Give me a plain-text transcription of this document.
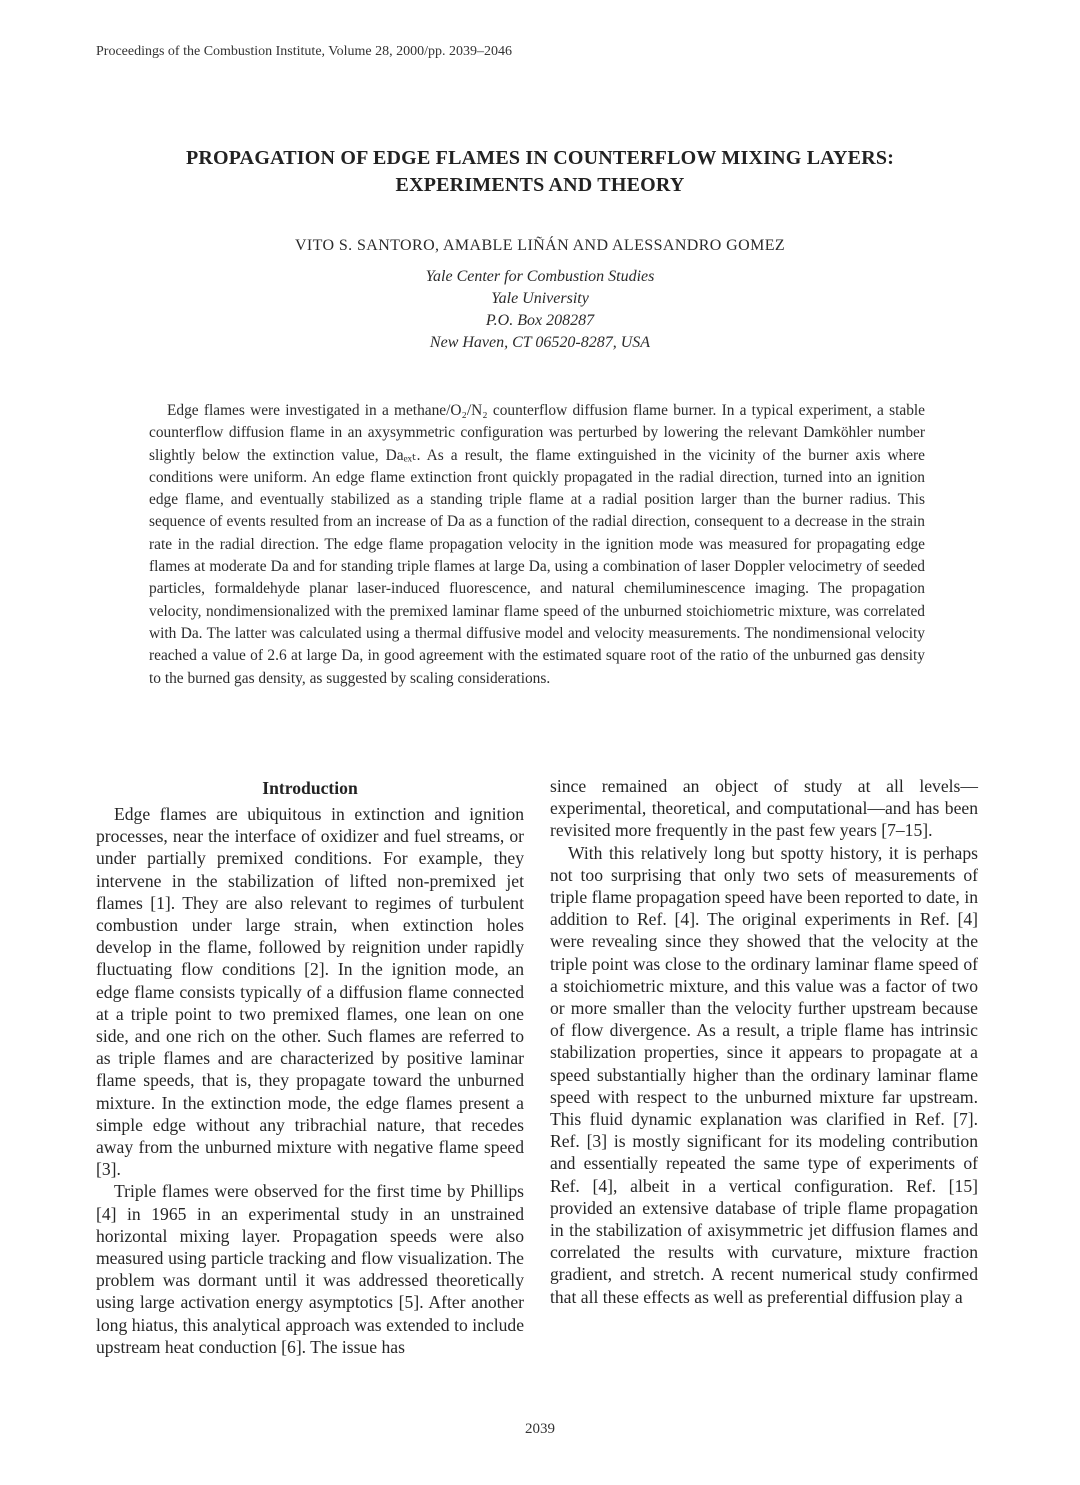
Proceedings of the Combustion Institute, Volume 28, 2000/pp. 2039–2046
PROPAGATION OF EDGE FLAMES IN COUNTERFLOW MIXING LAYERS:
EXPERIMENTS AND THEORY
VITO S. SANTORO, AMABLE LIÑÁN AND ALESSANDRO GOMEZ
Yale Center for Combustion Studies
Yale University
P.O. Box 208287
New Haven, CT 06520-8287, USA
Edge flames were investigated in a methane/O₂/N₂ counterflow diffusion flame burner. In a typical experiment, a stable counterflow diffusion flame in an axysymmetric configuration was perturbed by lowering the relevant Damköhler number slightly below the extinction value, Daₑₓₜ. As a result, the flame extinguished in the vicinity of the burner axis where conditions were uniform. An edge flame extinction front quickly propagated in the radial direction, turned into an ignition edge flame, and eventually stabilized as a standing triple flame at a radial position larger than the burner radius. This sequence of events resulted from an increase of Da as a function of the radial direction, consequent to a decrease in the strain rate in the radial direction. The edge flame propagation velocity in the ignition mode was measured for propagating edge flames at moderate Da and for standing triple flames at large Da, using a combination of laser Doppler velocimetry of seeded particles, formaldehyde planar laser-induced fluorescence, and natural chemiluminescence imaging. The propagation velocity, nondimensionalized with the premixed laminar flame speed of the unburned stoichiometric mixture, was correlated with Da. The latter was calculated using a thermal diffusive model and velocity measurements. The nondimensional velocity reached a value of 2.6 at large Da, in good agreement with the estimated square root of the ratio of the unburned gas density to the burned gas density, as suggested by scaling considerations.
Introduction

Edge flames are ubiquitous in extinction and ignition processes, near the interface of oxidizer and fuel streams, or under partially premixed conditions. For example, they intervene in the stabilization of lifted non-premixed jet flames [1]. They are also relevant to regimes of turbulent combustion under large strain, when extinction holes develop in the flame, followed by reignition under rapidly fluctuating flow conditions [2]. In the ignition mode, an edge flame consists typically of a diffusion flame connected at a triple point to two premixed flames, one lean on one side, and one rich on the other. Such flames are referred to as triple flames and are characterized by positive laminar flame speeds, that is, they propagate toward the unburned mixture. In the extinction mode, the edge flames present a simple edge without any tribrachial nature, that recedes away from the unburned mixture with negative flame speed [3].

Triple flames were observed for the first time by Phillips [4] in 1965 in an experimental study in an unstrained horizontal mixing layer. Propagation speeds were also measured using particle tracking and flow visualization. The problem was dormant until it was addressed theoretically using large activation energy asymptotics [5]. After another long hiatus, this analytical approach was extended to include upstream heat conduction [6]. The issue has

since remained an object of study at all levels—experimental, theoretical, and computational—and has been revisited more frequently in the past few years [7–15].

With this relatively long but spotty history, it is perhaps not too surprising that only two sets of measurements of triple flame propagation speed have been reported to date, in addition to Ref. [4]. The original experiments in Ref. [4] were revealing since they showed that the velocity at the triple point was close to the ordinary laminar flame speed of a stoichiometric mixture, and this value was a factor of two or more smaller than the velocity further upstream because of flow divergence. As a result, a triple flame has intrinsic stabilization properties, since it appears to propagate at a speed substantially higher than the ordinary laminar flame speed with respect to the unburned mixture far upstream. This fluid dynamic explanation was clarified in Ref. [7]. Ref. [3] is mostly significant for its modeling contribution and essentially repeated the same type of experiments of Ref. [4], albeit in a vertical configuration. Ref. [15] provided an extensive database of triple flame propagation in the stabilization of axisymmetric jet diffusion flames and correlated the results with curvature, mixture fraction gradient, and stretch. A recent numerical study confirmed that all these effects as well as preferential diffusion play a

2039
